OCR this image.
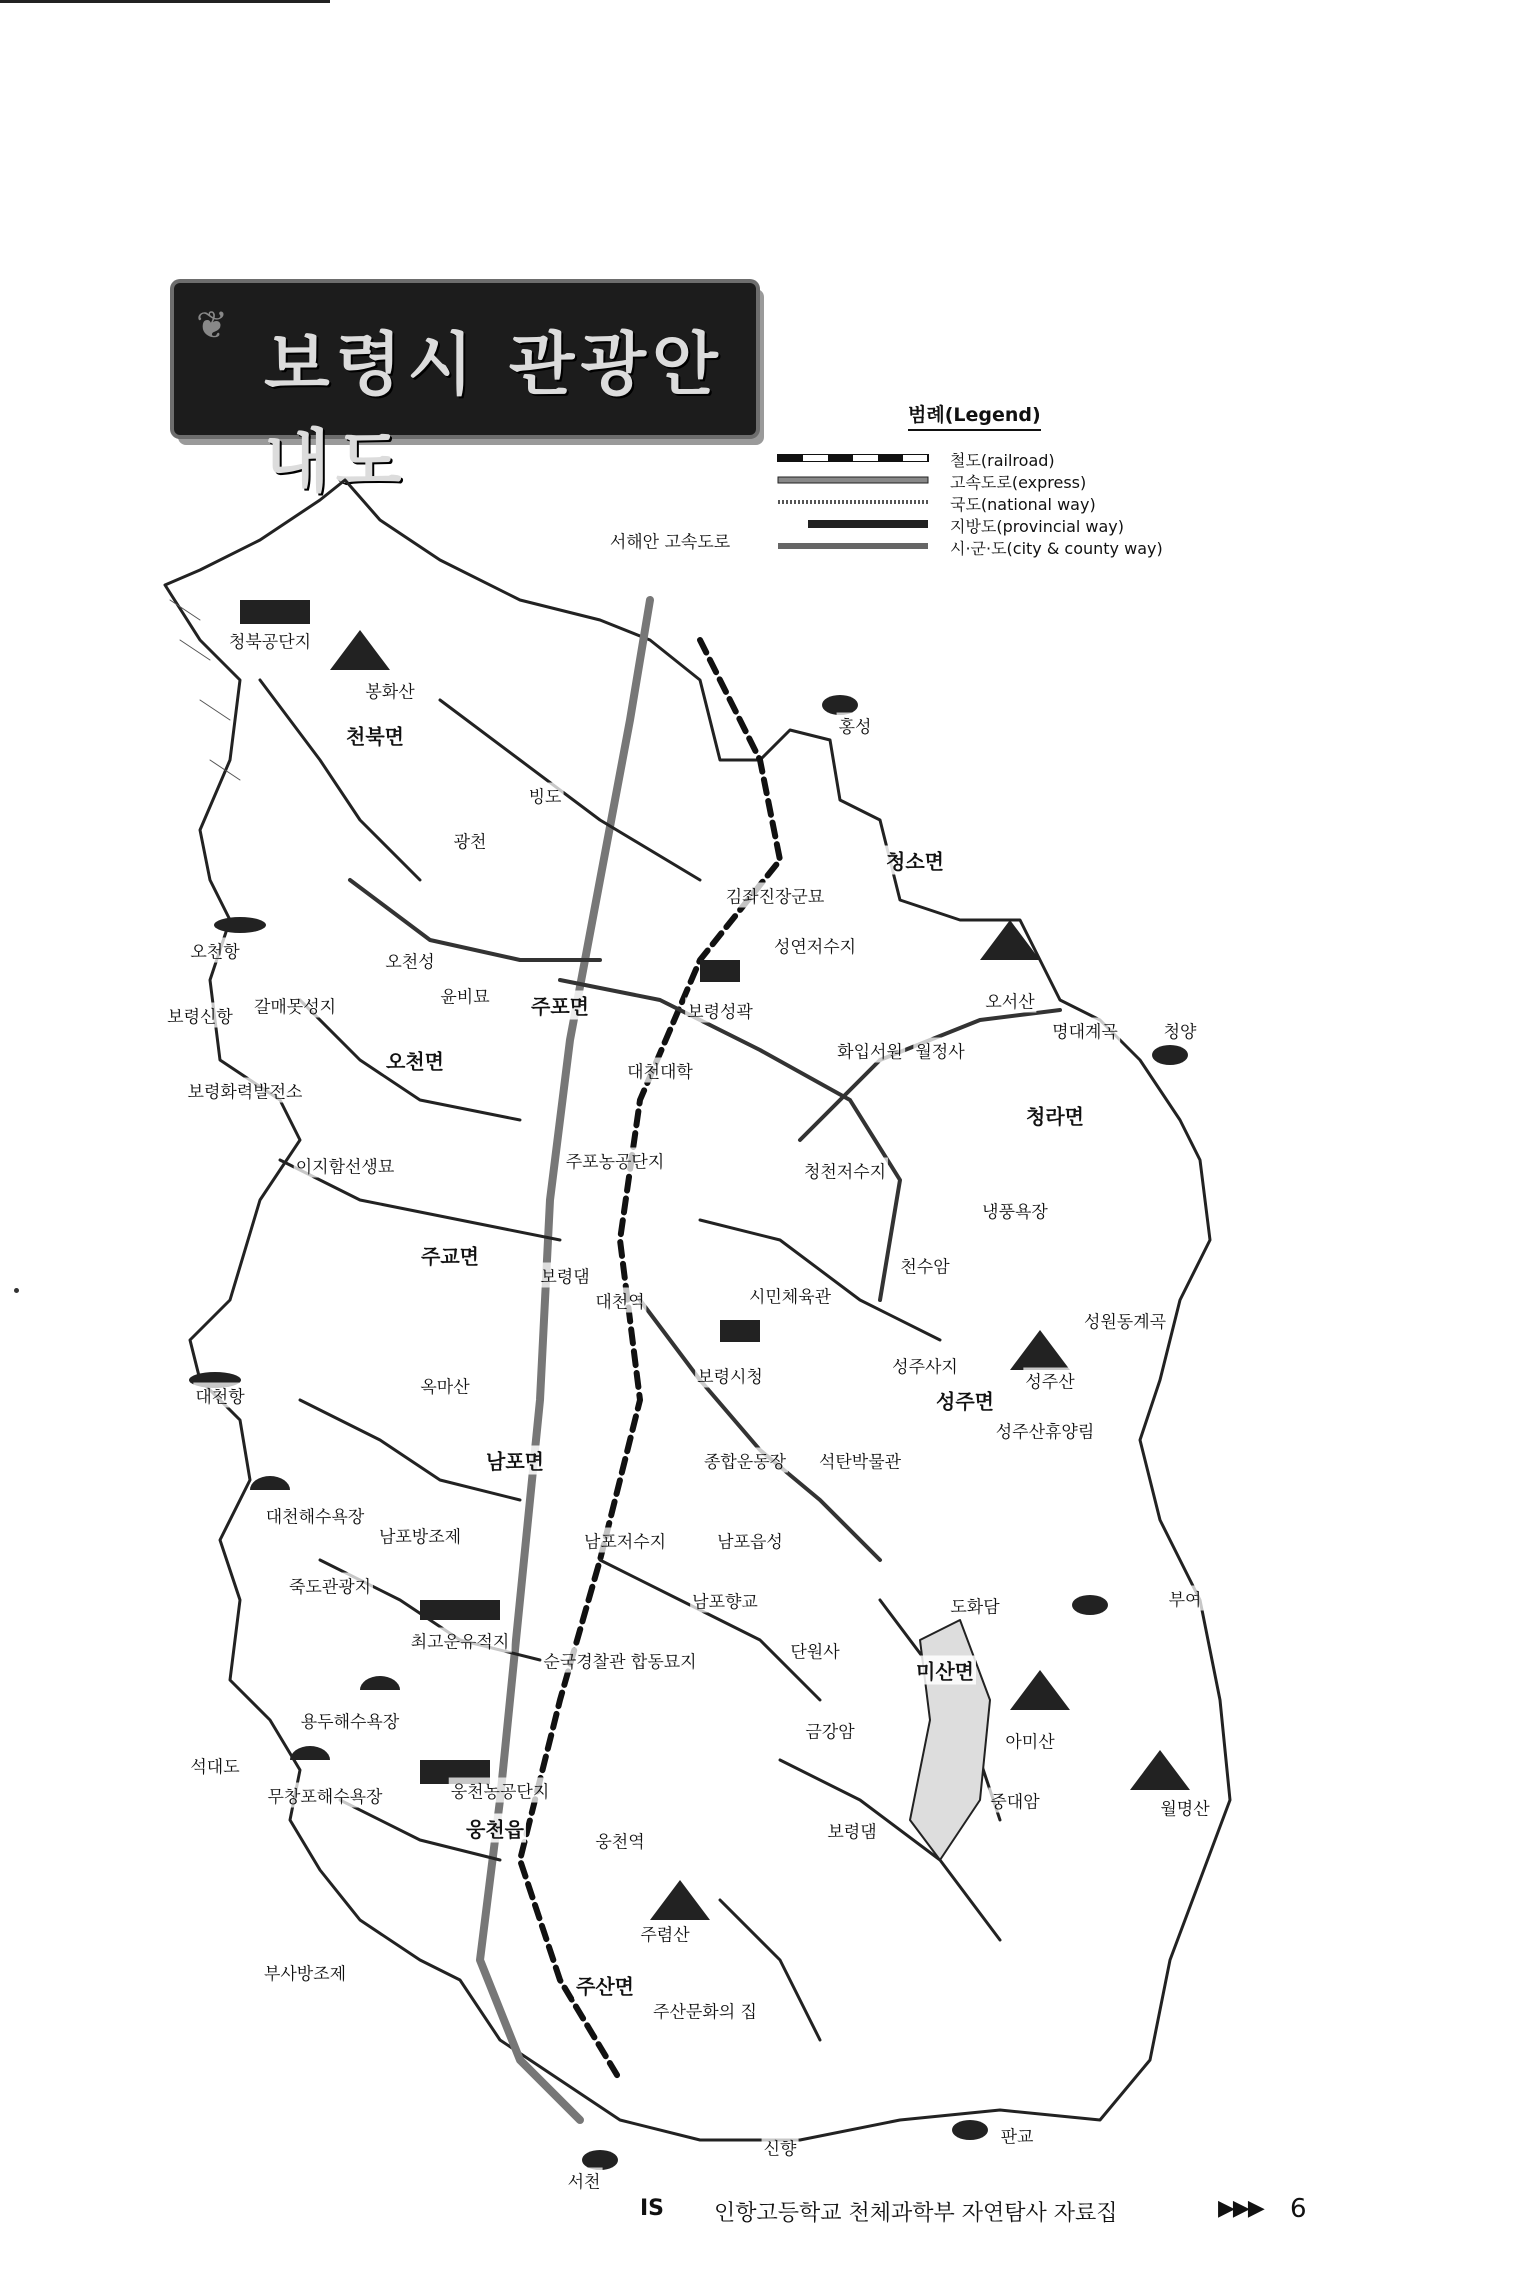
❦
보령시 관광안내도
범례(Legend)
철도(railroad)
고속도로(express)
국도(national way)
지방도(provincial way)
시·군·도(city & county way)
서해안 고속도로
청북공단지
봉화산
천북면	홍성
빙도
광천
김좌진장군묘
청소면
오천항	오천성
성연저수지
오서산
보령신항 갈매못성지	윤비묘 주포면	보령성곽
월정사
화입서원
청양
명대계곡
오천면	대천대학
보령화력발전소
청라면
이지함선생묘	주포농공단지	청천저수지
냉풍욕장
주교면
보령댐	천수암
대천역	시민체육관
성원동계곡
성주사지
성주산
대천항	옥마산	보령시청
성주면
성주산휴양림
남포면	종합운동장 석탄박물관
대천해수욕장
남포방조제	남포저수지	남포읍성
죽도관광지
남포향교	부여
도화담
최고운유적지
순국경찰관 합동묘지	단원사
미산면
용두해수욕장	금강암	아미산
석대도
무창포해수욕장	웅천농공단지
보령댐
중대암	월명산
웅천읍
웅천역
주렴산
부사방조제	주산면
주산문화의 집
판교
서천
신향
IS 인항고등학교 천체과학부 자연탐사 자료집	▶▶▶ 6
